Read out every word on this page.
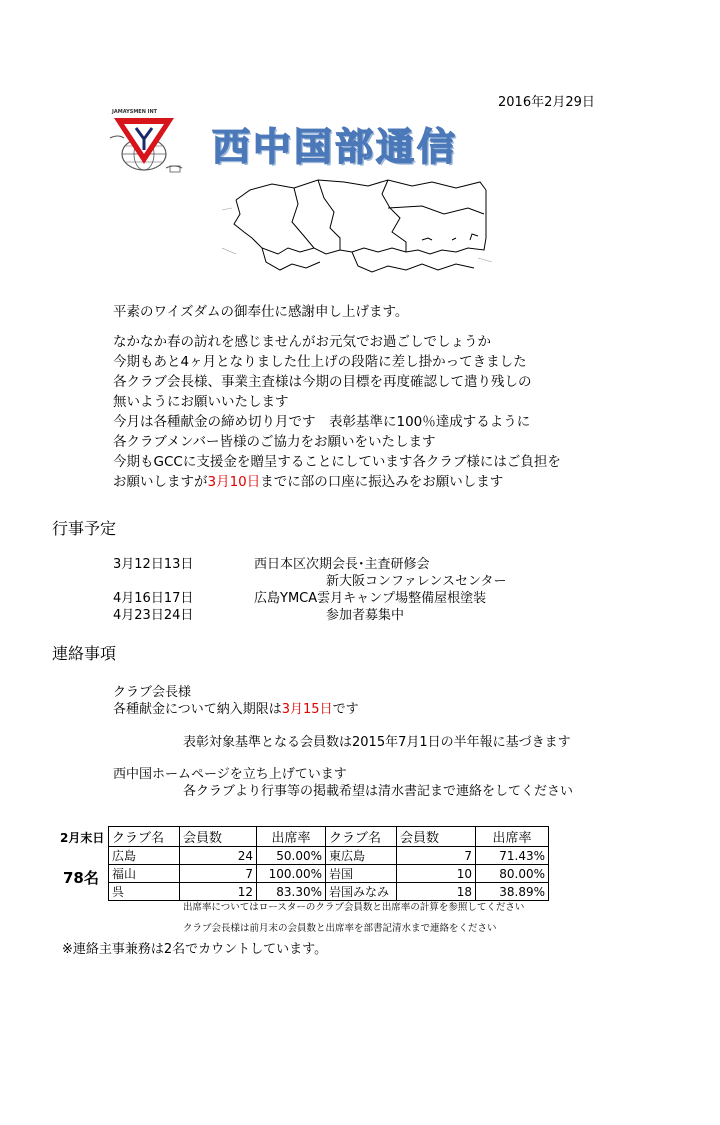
2016年2月29日
JAMAYSMEN INT
西中国部通信
平素のワイズダムの御奉仕に感謝申し上げます。
なかなか春の訪れを感じませんがお元気でお過ごしでしょうか
今期もあと4ヶ月となりました仕上げの段階に差し掛かってきました
各クラブ会長様、事業主査様は今期の目標を再度確認して遣り残しの
無いようにお願いいたします
今月は各種献金の締め切り月です　表彰基準に100％達成するように
各クラブメンバー皆様のご協力をお願いをいたします
今期もGCCに支援金を贈呈することにしています各クラブ様にはご負担を
お願いしますが3月10日までに部の口座に振込みをお願いします
行事予定
3月12日13日	西日本区次期会長･主査研修会
新大阪コンファレンスセンター
4月16日17日	広島YMCA雲月キャンプ場整備屋根塗装
4月23日24日	参加者募集中
連絡事項
クラブ会長様
各種献金について納入期限は3月15日です
表彰対象基準となる会員数は2015年7月1日の半年報に基づきます
西中国ホームページを立ち上げています
各クラブより行事等の掲載希望は清水書記まで連絡をしてください
2月末日
78名
クラブ名	会員数	出席率	クラブ名	会員数	出席率
広島	24	50.00%	東広島	7	71.43%
福山	7	100.00%	岩国	10	80.00%
呉	12	83.30%	岩国みなみ	18	38.89%
出席率についてはロースターのクラブ会員数と出席率の計算を参照してください
クラブ会長様は前月末の会員数と出席率を部書記清水まで連絡をください
※連絡主事兼務は2名でカウントしています。
